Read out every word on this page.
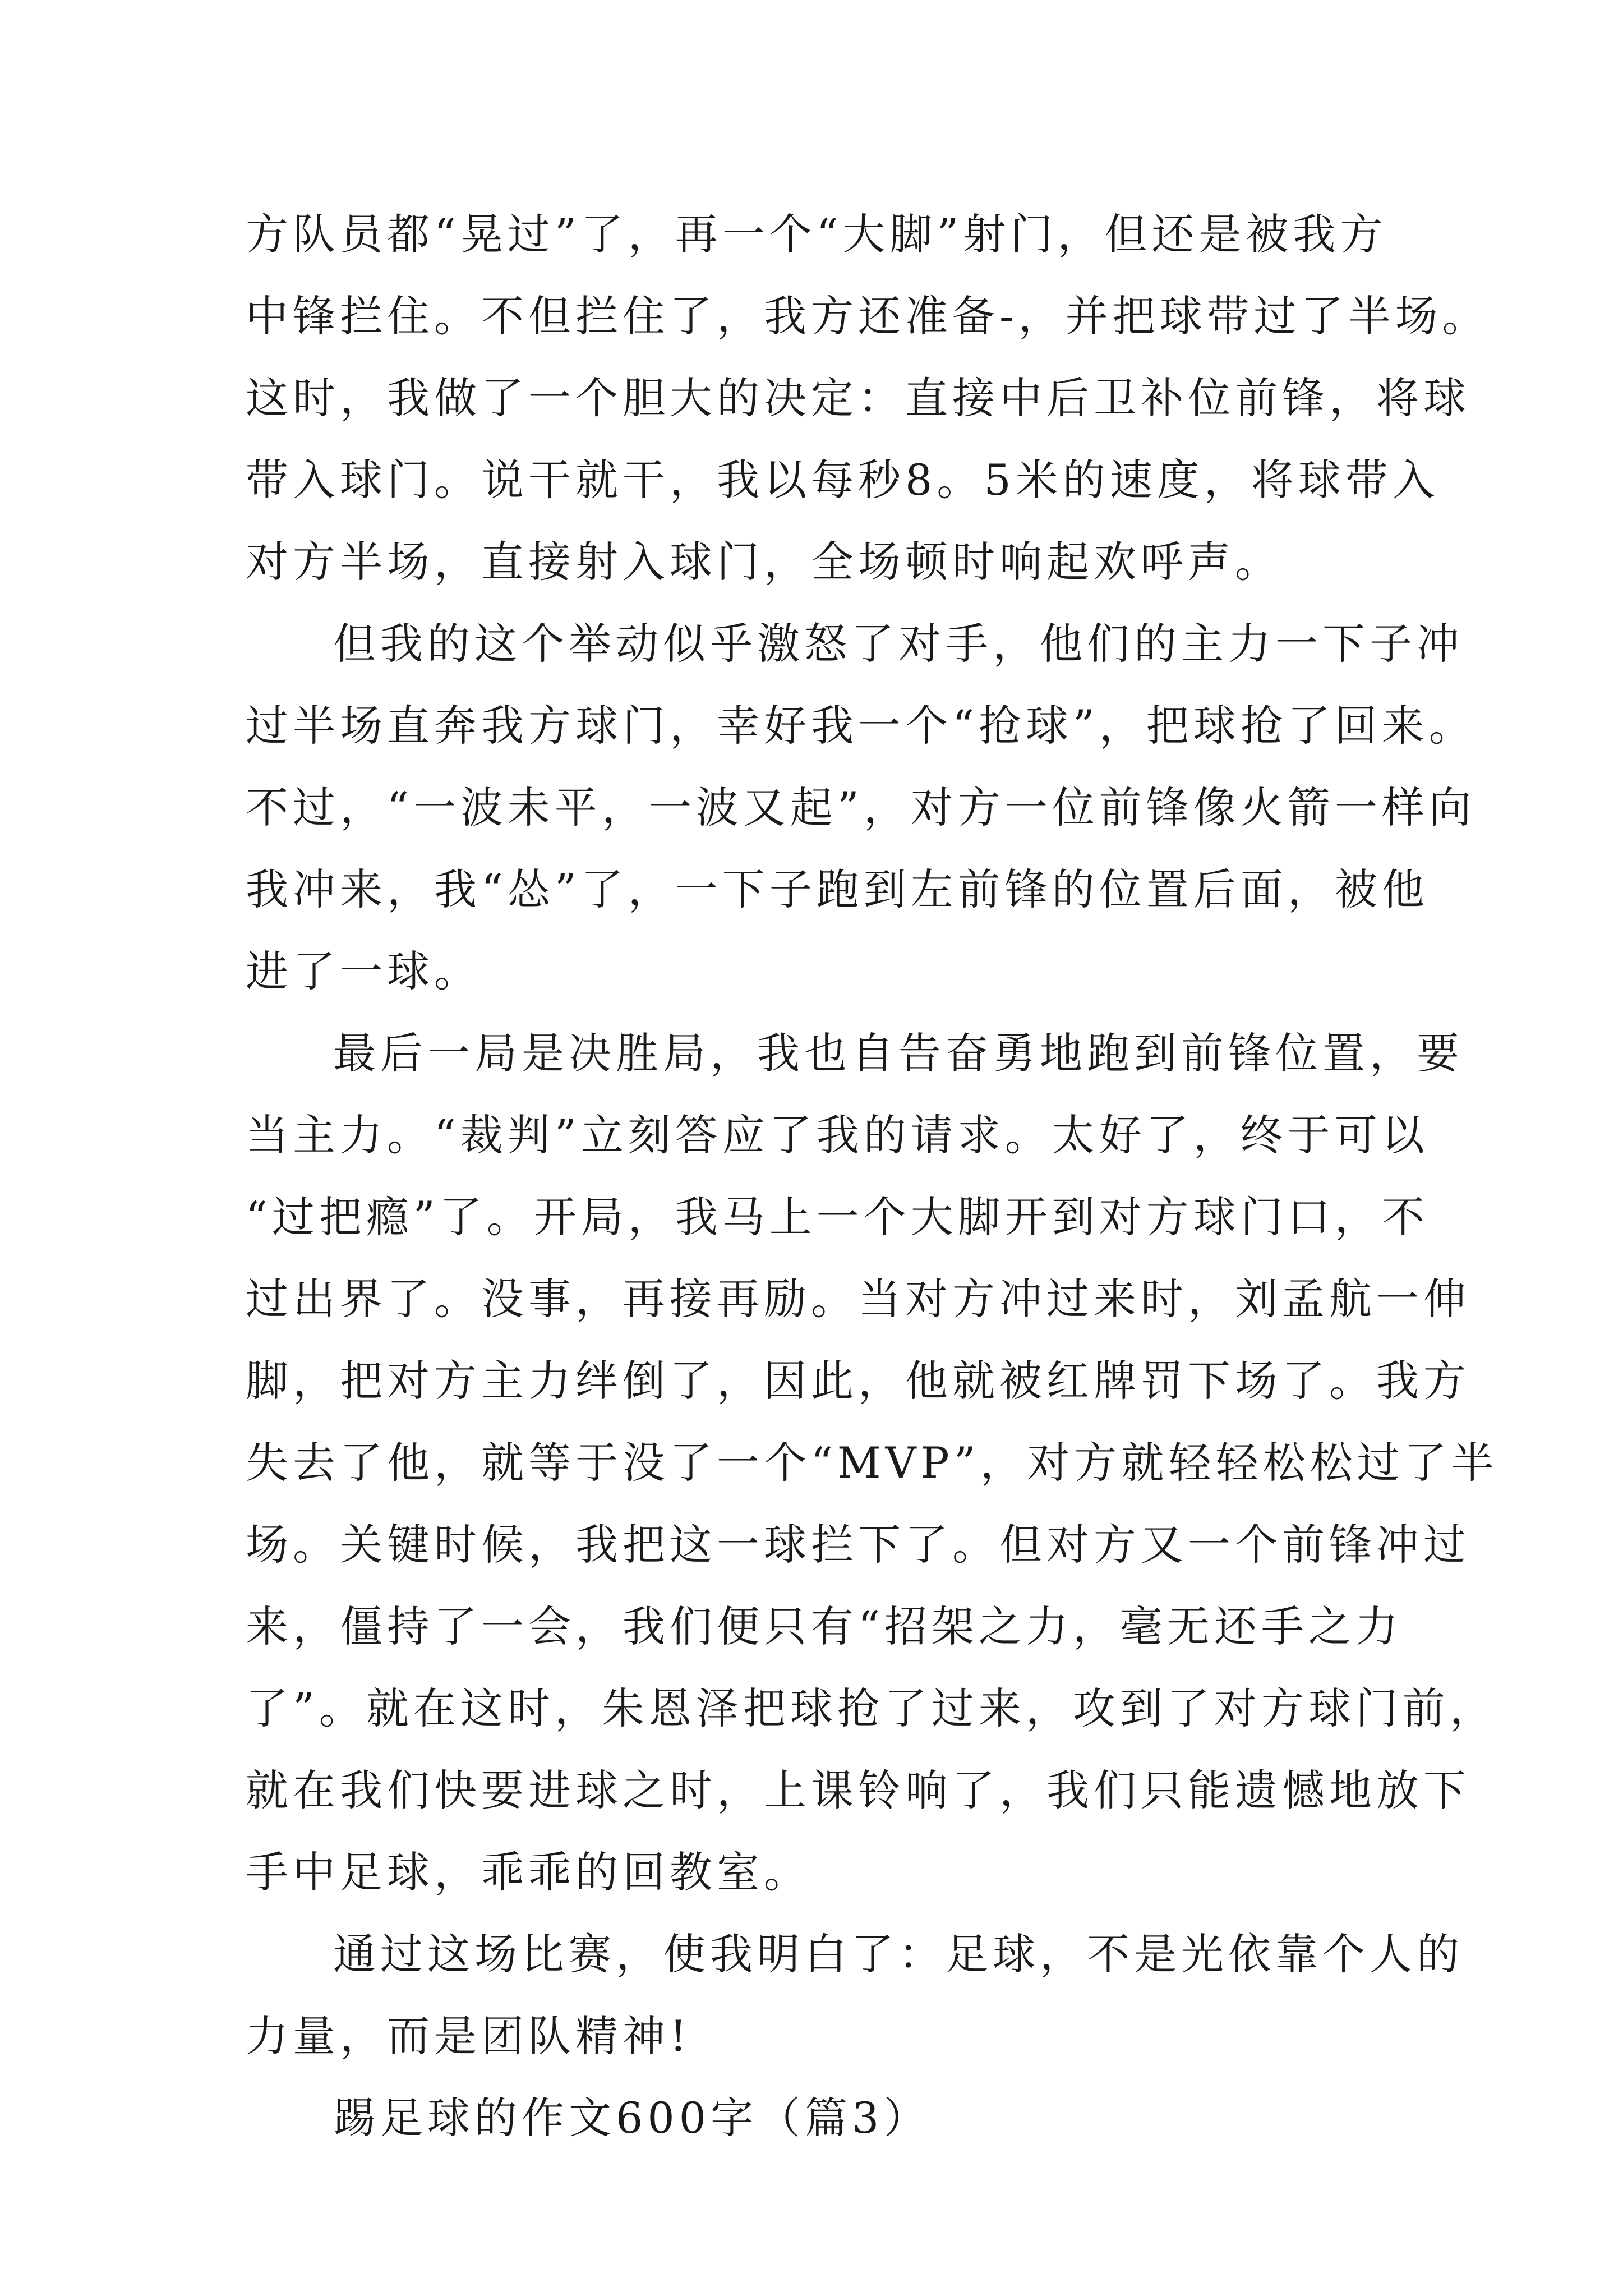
方队员都“晃过”了，再一个“大脚”射门，但还是被我方
中锋拦住。不但拦住了，我方还准备-，并把球带过了半场。
这时，我做了一个胆大的决定：直接中后卫补位前锋，将球
带入球门。说干就干，我以每秒8。5米的速度，将球带入
对方半场，直接射入球门，全场顿时响起欢呼声。
但我的这个举动似乎激怒了对手，他们的主力一下子冲
过半场直奔我方球门，幸好我一个“抢球”，把球抢了回来。
不过，“一波未平，一波又起”，对方一位前锋像火箭一样向
我冲来，我“怂”了，一下子跑到左前锋的位置后面，被他
进了一球。
最后一局是决胜局，我也自告奋勇地跑到前锋位置，要
当主力。“裁判”立刻答应了我的请求。太好了，终于可以
“过把瘾”了。开局，我马上一个大脚开到对方球门口，不
过出界了。没事，再接再励。当对方冲过来时，刘孟航一伸
脚，把对方主力绊倒了，因此，他就被红牌罚下场了。我方
失去了他，就等于没了一个“MVP”，对方就轻轻松松过了半
场。关键时候，我把这一球拦下了。但对方又一个前锋冲过
来，僵持了一会，我们便只有“招架之力，毫无还手之力
了”。就在这时，朱恩泽把球抢了过来，攻到了对方球门前，
就在我们快要进球之时，上课铃响了，我们只能遗憾地放下
手中足球，乖乖的回教室。
通过这场比赛，使我明白了：足球，不是光依靠个人的
力量，而是团队精神!
踢足球的作文600字（篇3）
